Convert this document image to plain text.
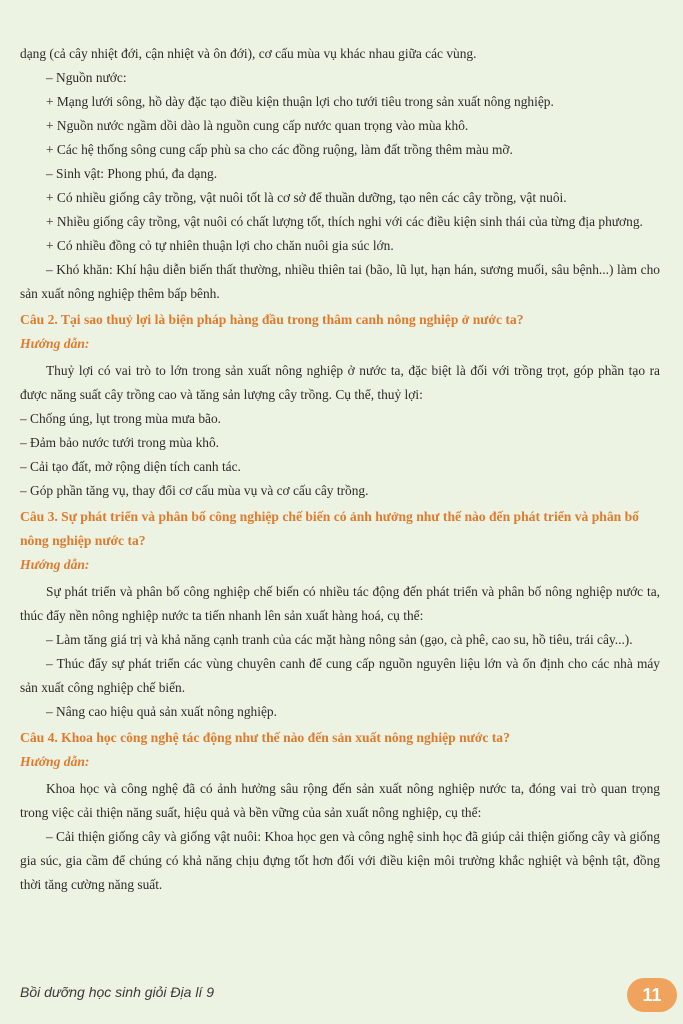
dạng (cả cây nhiệt đới, cận nhiệt và ôn đới), cơ cấu mùa vụ khác nhau giữa các vùng.

– Nguồn nước:

+ Mạng lưới sông, hồ dày đặc tạo điều kiện thuận lợi cho tưới tiêu trong sản xuất nông nghiệp.

+ Nguồn nước ngầm dồi dào là nguồn cung cấp nước quan trọng vào mùa khô.

+ Các hệ thống sông cung cấp phù sa cho các đồng ruộng, làm đất trồng thêm màu mỡ.

– Sinh vật: Phong phú, đa dạng.

+ Có nhiều giống cây trồng, vật nuôi tốt là cơ sở để thuần dưỡng, tạo nên các cây trồng, vật nuôi.

+ Nhiều giống cây trồng, vật nuôi có chất lượng tốt, thích nghi với các điều kiện sinh thái của từng địa phương.

+ Có nhiều đồng cỏ tự nhiên thuận lợi cho chăn nuôi gia súc lớn.

– Khó khăn: Khí hậu diễn biến thất thường, nhiều thiên tai (bão, lũ lụt, hạn hán, sương muối, sâu bệnh...) làm cho sản xuất nông nghiệp thêm bấp bênh.

Câu 2. Tại sao thuỷ lợi là biện pháp hàng đầu trong thâm canh nông nghiệp ở nước ta?

Hướng dẫn:

Thuỷ lợi có vai trò to lớn trong sản xuất nông nghiệp ở nước ta, đặc biệt là đối với trồng trọt, góp phần tạo ra được năng suất cây trồng cao và tăng sản lượng cây trồng. Cụ thể, thuỷ lợi:

– Chống úng, lụt trong mùa mưa bão.

– Đảm bảo nước tưới trong mùa khô.

– Cải tạo đất, mở rộng diện tích canh tác.

– Góp phần tăng vụ, thay đổi cơ cấu mùa vụ và cơ cấu cây trồng.

Câu 3. Sự phát triển và phân bố công nghiệp chế biến có ảnh hưởng như thế nào đến phát triển và phân bố nông nghiệp nước ta?

Hướng dẫn:

Sự phát triển và phân bố công nghiệp chế biến có nhiều tác động đến phát triển và phân bố nông nghiệp nước ta, thúc đẩy nền nông nghiệp nước ta tiến nhanh lên sản xuất hàng hoá, cụ thể:

– Làm tăng giá trị và khả năng cạnh tranh của các mặt hàng nông sản (gạo, cà phê, cao su, hồ tiêu, trái cây...).

– Thúc đẩy sự phát triển các vùng chuyên canh để cung cấp nguồn nguyên liệu lớn và ổn định cho các nhà máy sản xuất công nghiệp chế biến.

– Nâng cao hiệu quả sản xuất nông nghiệp.

Câu 4. Khoa học công nghệ tác động như thế nào đến sản xuất nông nghiệp nước ta?

Hướng dẫn:

Khoa học và công nghệ đã có ảnh hưởng sâu rộng đến sản xuất nông nghiệp nước ta, đóng vai trò quan trọng trong việc cải thiện năng suất, hiệu quả và bền vững của sản xuất nông nghiệp, cụ thể:

– Cải thiện giống cây và giống vật nuôi: Khoa học gen và công nghệ sinh học đã giúp cải thiện giống cây và giống gia súc, gia cầm để chúng có khả năng chịu đựng tốt hơn đối với điều kiện môi trường khắc nghiệt và bệnh tật, đồng thời tăng cường năng suất.

Bồi dưỡng học sinh giỏi Địa lí 9	11
